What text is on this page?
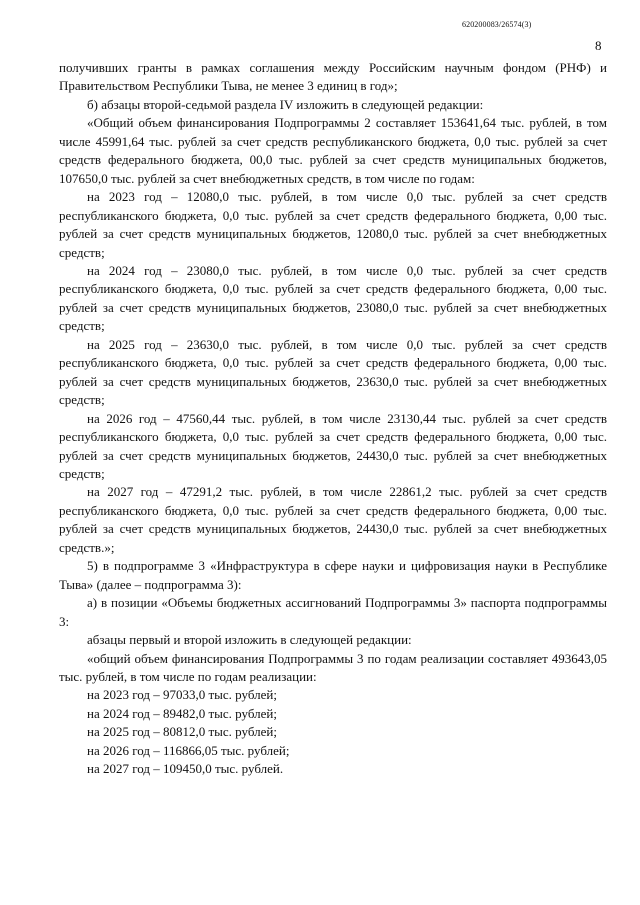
620200083/26574(3)
8

получивших гранты в рамках соглашения между Российским научным фондом (РНФ) и Правительством Республики Тыва, не менее 3 единиц в год»;

б) абзацы второй-седьмой раздела IV изложить в следующей редакции:

«Общий объем финансирования Подпрограммы 2 составляет 153641,64 тыс. рублей, в том числе 45991,64 тыс. рублей за счет средств республиканского бюджета, 0,0 тыс. рублей за счет средств федерального бюджета, 00,0 тыс. рублей за счет средств муниципальных бюджетов, 107650,0 тыс. рублей за счет внебюджетных средств, в том числе по годам:

на 2023 год – 12080,0 тыс. рублей, в том числе 0,0 тыс. рублей за счет средств республиканского бюджета, 0,0 тыс. рублей за счет средств федерального бюджета, 0,00 тыс. рублей за счет средств муниципальных бюджетов, 12080,0 тыс. рублей за счет внебюджетных средств;

на 2024 год – 23080,0 тыс. рублей, в том числе 0,0 тыс. рублей за счет средств республиканского бюджета, 0,0 тыс. рублей за счет средств федерального бюджета, 0,00 тыс. рублей за счет средств муниципальных бюджетов, 23080,0 тыс. рублей за счет внебюджетных средств;

на 2025 год – 23630,0 тыс. рублей, в том числе 0,0 тыс. рублей за счет средств республиканского бюджета, 0,0 тыс. рублей за счет средств федерального бюджета, 0,00 тыс. рублей за счет средств муниципальных бюджетов, 23630,0 тыс. рублей за счет внебюджетных средств;

на 2026 год – 47560,44 тыс. рублей, в том числе 23130,44 тыс. рублей за счет средств республиканского бюджета, 0,0 тыс. рублей за счет средств федерального бюджета, 0,00 тыс. рублей за счет средств муниципальных бюджетов, 24430,0 тыс. рублей за счет внебюджетных средств;

на 2027 год – 47291,2 тыс. рублей, в том числе 22861,2 тыс. рублей за счет средств республиканского бюджета, 0,0 тыс. рублей за счет средств федерального бюджета, 0,00 тыс. рублей за счет средств муниципальных бюджетов, 24430,0 тыс. рублей за счет внебюджетных средств.»;

5) в подпрограмме 3 «Инфраструктура в сфере науки и цифровизация науки в Республике Тыва» (далее – подпрограмма 3):

а) в позиции «Объемы бюджетных ассигнований Подпрограммы 3» паспорта подпрограммы 3:

абзацы первый и второй изложить в следующей редакции:

«общий объем финансирования Подпрограммы 3 по годам реализации составляет 493643,05 тыс. рублей, в том числе по годам реализации:

на 2023 год – 97033,0 тыс. рублей;

на 2024 год – 89482,0 тыс. рублей;

на 2025 год – 80812,0 тыс. рублей;

на 2026 год – 116866,05 тыс. рублей;

на 2027 год – 109450,0 тыс. рублей.
